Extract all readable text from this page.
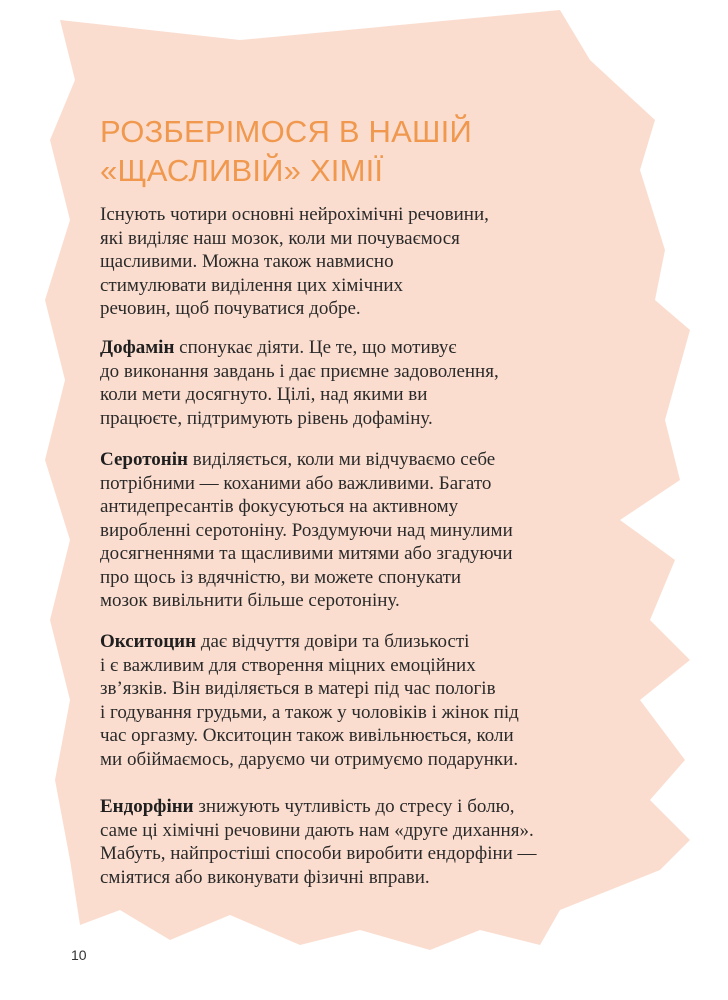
РОЗБЕРІМОСЯ В НАШІЙ
«ЩАСЛИВІЙ» ХІМІЇ

Існують чотири основні нейрохімічні речовини,
які виділяє наш мозок, коли ми почуваємося
щасливими. Можна також навмисно
стимулювати виділення цих хімічних
речовин, щоб почуватися добре.

Дофамін спонукає діяти. Це те, що мотивує
до виконання завдань і дає приємне задоволення,
коли мети досягнуто. Цілі, над якими ви
працюєте, підтримують рівень дофаміну.

Серотонін виділяється, коли ми відчуваємо себе
потрібними — коханими або важливими. Багато
антидепресантів фокусуються на активному
виробленні серотоніну. Роздумуючи над минулими
досягненнями та щасливими митями або згадуючи
про щось із вдячністю, ви можете спонукати
мозок вивільнити більше серотоніну.

Окситоцин дає відчуття довіри та близькості
і є важливим для створення міцних емоційних
зв’язків. Він виділяється в матері під час пологів
і годування грудьми, а також у чоловіків і жінок під
час оргазму. Окситоцин також вивільнюється, коли
ми обіймаємось, даруємо чи отримуємо подарунки.

Ендорфіни знижують чутливість до стресу і болю,
саме ці хімічні речовини дають нам «друге дихання».
Мабуть, найпростіші способи виробити ендорфіни —
сміятися або виконувати фізичні вправи.

10
